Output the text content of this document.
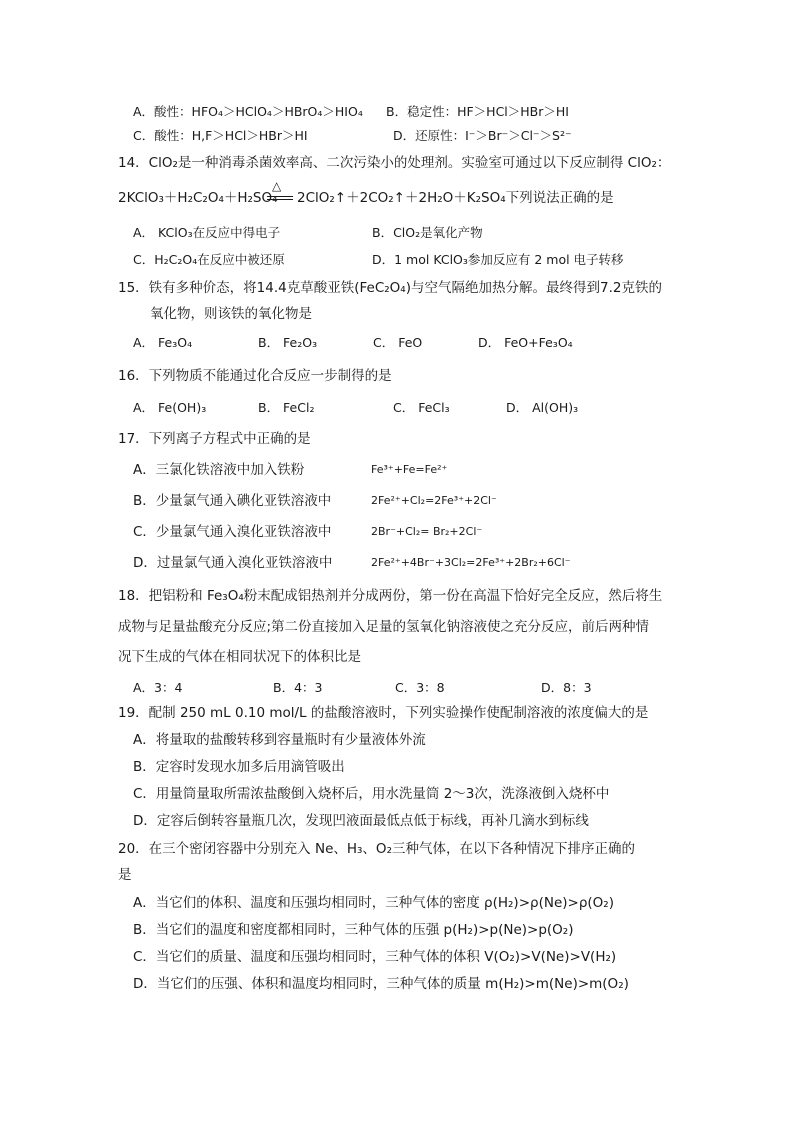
A．酸性：HFO₄＞HClO₄＞HBrO₄＞HIO₄ B．稳定性：HF＞HCl＞HBr＞HI
C．酸性：H,F＞HCl＞HBr＞HI	D．还原性：I⁻＞Br⁻＞Cl⁻＞S²⁻
14．ClO₂是一种消毒杀菌效率高、二次污染小的处理剂。实验室可通过以下反应制得 ClO₂：
△
2KClO₃＋H₂C₂O₄＋H₂SO₄ 2ClO₂↑＋2CO₂↑＋2H₂O＋K₂SO₄下列说法正确的是
A． KClO₃在反应中得电子	B．ClO₂是氧化产物
C．H₂C₂O₄在反应中被还原	D．1 mol KClO₃参加反应有 2 mol 电子转移
15．铁有多种价态，将14.4克草酸亚铁(FeC₂O₄)与空气隔绝加热分解。最终得到7.2克铁的
氧化物，则该铁的氧化物是
A． Fe₃O₄	B． Fe₂O₃	C． FeO	D． FeO+Fe₃O₄
16．下列物质不能通过化合反应一步制得的是
A． Fe(OH)₃	B． FeCl₂	C． FeCl₃	D． Al(OH)₃
17．下列离子方程式中正确的是
A．三氯化铁溶液中加入铁粉	Fe³⁺+Fe=Fe²⁺
B．少量氯气通入碘化亚铁溶液中	2Fe²⁺+Cl₂=2Fe³⁺+2Cl⁻
C．少量氯气通入溴化亚铁溶液中	2Br⁻+Cl₂= Br₂+2Cl⁻
D．过量氯气通入溴化亚铁溶液中	2Fe²⁺+4Br⁻+3Cl₂=2Fe³⁺+2Br₂+6Cl⁻
18．把铝粉和 Fe₃O₄粉末配成铝热剂并分成两份，第一份在高温下恰好完全反应，然后将生
成物与足量盐酸充分反应;第二份直接加入足量的氢氧化钠溶液使之充分反应，前后两种情
况下生成的气体在相同状况下的体积比是
A．3：4	B．4：3	C．3：8	D．8：3
19．配制 250 mL 0.10 mol/L 的盐酸溶液时，下列实验操作使配制溶液的浓度偏大的是
A．将量取的盐酸转移到容量瓶时有少量液体外流
B．定容时发现水加多后用滴管吸出
C．用量筒量取所需浓盐酸倒入烧杯后，用水洗量筒 2～3次，洗涤液倒入烧杯中
D．定容后倒转容量瓶几次，发现凹液面最低点低于标线，再补几滴水到标线
20．在三个密闭容器中分别充入 Ne、H₃、O₂三种气体，在以下各种情况下排序正确的
是
A．当它们的体积、温度和压强均相同时，三种气体的密度 ρ(H₂)>ρ(Ne)>ρ(O₂)
B．当它们的温度和密度都相同时，三种气体的压强 p(H₂)>p(Ne)>p(O₂)
C．当它们的质量、温度和压强均相同时，三种气体的体积 V(O₂)>V(Ne)>V(H₂)
D．当它们的压强、体积和温度均相同时，三种气体的质量 m(H₂)>m(Ne)>m(O₂)
